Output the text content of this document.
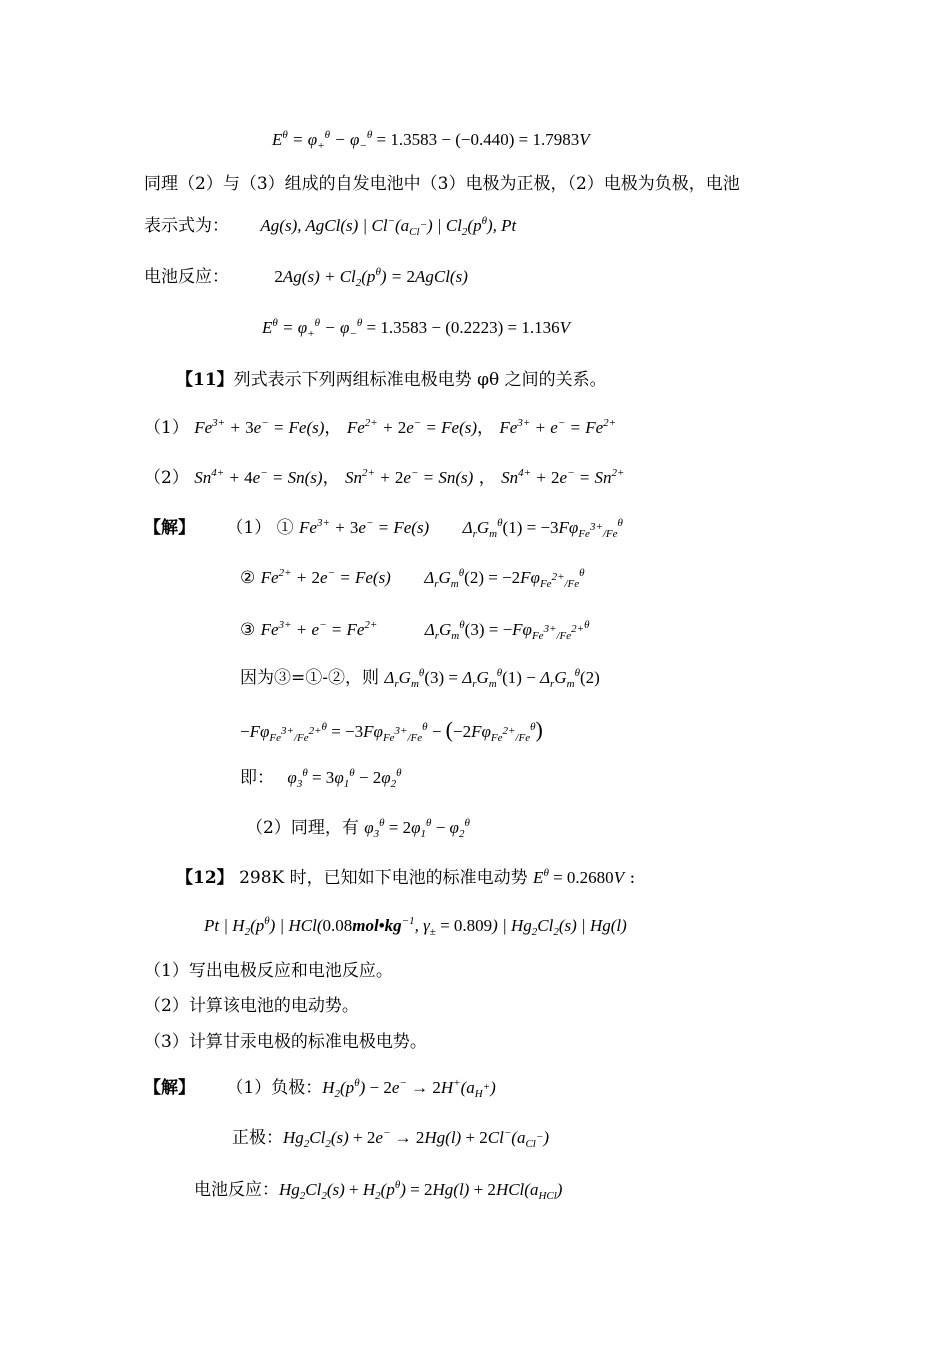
$E^\theta = \varphi_+^\theta - \varphi_-^\theta = 1.3583 - (-0.440) = 1.7983V$
同理（2）与（3）组成的自发电池中（3）电极为正极，（2）电极为负极，电池
表示式为： Ag(s), AgCl(s) | $Cl^-(a_{Cl^-})$ | $Cl_2(p^\theta)$, Pt
电池反应：	$2Ag(s) + Cl_2(p^\theta)$ = 2AgCl(s)
$E^\theta = \varphi_+^\theta - \varphi_-^\theta = 1.3583 - (0.2223) = 1.136V$
【11】列式表示下列两组标准电极电势 φθ 之间的关系。
（1） $Fe^{3+} + 3e^- = Fe(s)$， $Fe^{2+} + 2e^- = Fe(s)$， $Fe^{3+} + e^- = Fe^{2+}$
（2） $Sn^{4+} + 4e^- = Sn(s)$， $Sn^{2+} + 2e^- = Sn(s)$ ， $Sn^{4+} + 2e^- = Sn^{2+}$
【解】 （1） ① $Fe^{3+} + 3e^- = Fe(s) \Delta_rG_m^\theta(1) = -3F\varphi_{Fe^{3+}/Fe}^\theta$
② $Fe^{2+} + 2e^- = Fe(s) \Delta_rG_m^\theta(2) = -2F\varphi_{Fe^{2+}/Fe}^\theta$
③ $Fe^{3+} + e^- = Fe^{2+}$	$\Delta_rG_m^\theta(3) = -F\varphi_{Fe^{3+}/Fe^{2+}}^\theta$
因为③=①-②，则 $\Delta_rG_m^\theta(3) = \Delta_rG_m^\theta(1) - \Delta_rG_m^\theta(2)$
$-F\varphi_{Fe^{3+}/Fe^{2+}}^\theta = -3F\varphi_{Fe^{3+}/Fe}^\theta - (-2F\varphi_{Fe^{2+}/Fe}^\theta)$
即： $\varphi_3^\theta = 3\varphi_1^\theta - 2\varphi_2^\theta$
（2）同理，有 $\varphi_3^\theta = 2\varphi_1^\theta - \varphi_2^\theta$
【12】 298K 时，已知如下电池的标准电动势 $E^\theta = 0.2680V$ :
Pt | $H_2(p^\theta)$ | $HCl(0.08mol•kg^{-1}$, $\gamma_\pm = 0.809$) | $Hg_2Cl_2(s)$ | Hg(l)
（1）写出电极反应和电池反应。
（2）计算该电池的电动势。
（3）计算甘汞电极的标准电极电势。
【解】 （1）负极：$H_2(p^\theta) - 2e^- \to 2H^+(a_{H^+})$
正极：$Hg_2Cl_2(s) + 2e^- \to 2Hg(l) + 2Cl^-(a_{Cl^-})$
电池反应：$Hg_2Cl_2(s) + H_2(p^\theta) = 2Hg(l) + 2HCl(a_{HCl})$
